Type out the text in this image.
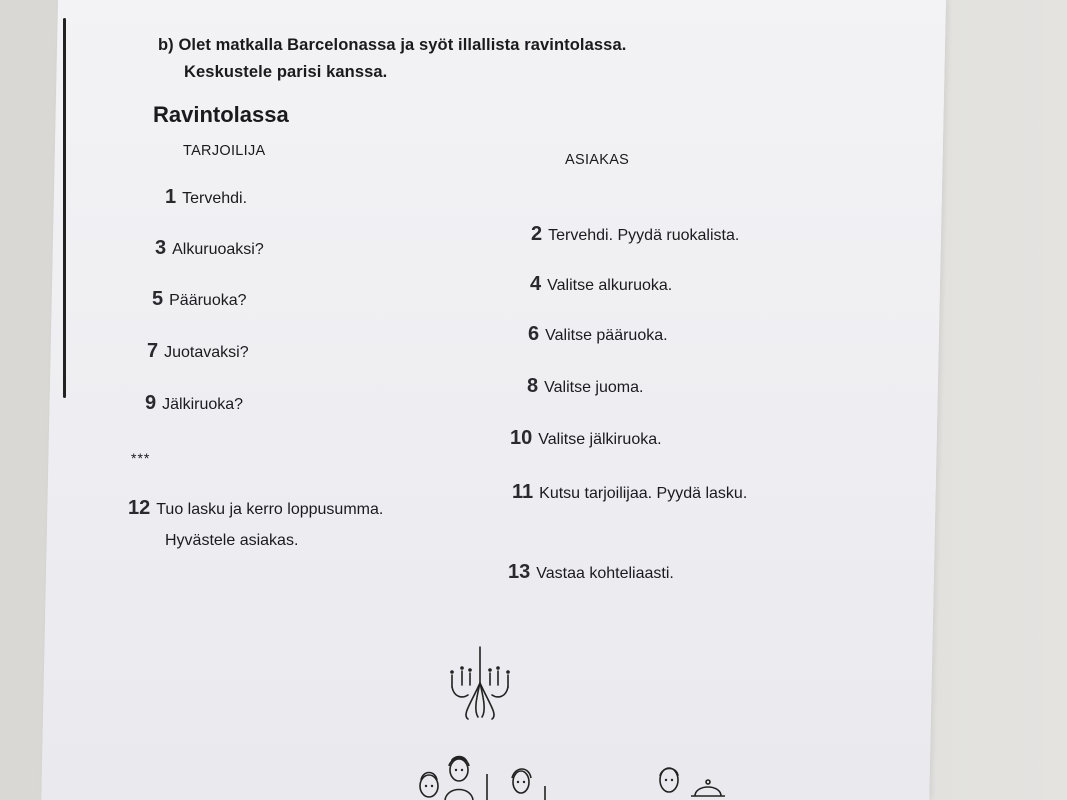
b) Olet matkalla Barcelonassa ja syöt illallista ravintolassa.
Keskustele parisi kanssa.
Ravintolassa
TARJOILIJA
ASIAKAS
1 Tervehdi.
3 Alkuruoaksi?
5 Pääruoka?
7 Juotavaksi?
9 Jälkiruoka?
***
12 Tuo lasku ja kerro loppusumma.
Hyvästele asiakas.
2 Tervehdi. Pyydä ruokalista.
4 Valitse alkuruoka.
6 Valitse pääruoka.
8 Valitse juoma.
10 Valitse jälkiruoka.
11 Kutsu tarjoilijaa. Pyydä lasku.
13 Vastaa kohteliaasti.
